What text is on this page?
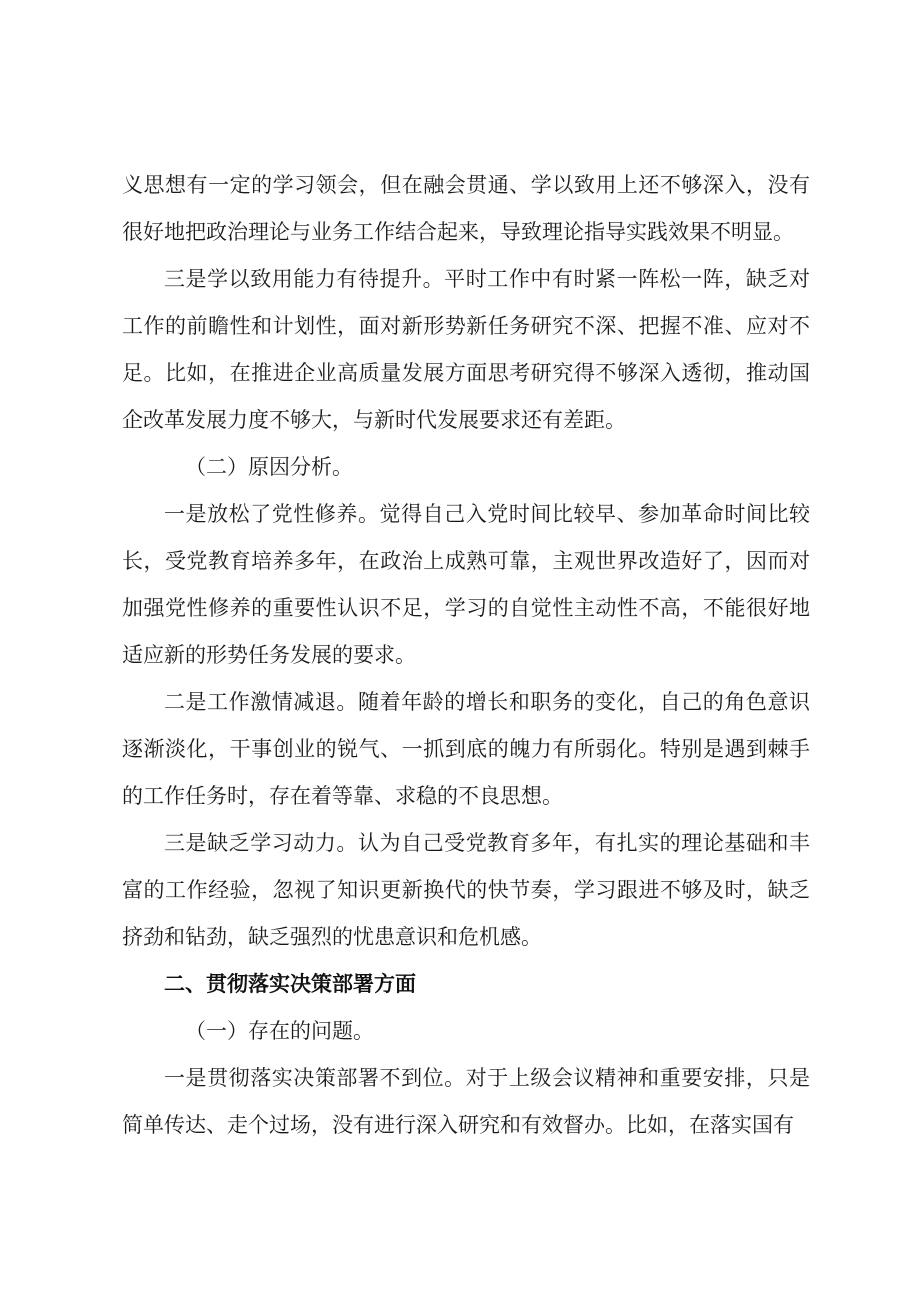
义思想有一定的学习领会，但在融会贯通、学以致用上还不够深入，没有很好地把政治理论与业务工作结合起来，导致理论指导实践效果不明显。

三是学以致用能力有待提升。平时工作中有时紧一阵松一阵，缺乏对工作的前瞻性和计划性，面对新形势新任务研究不深、把握不准、应对不足。比如，在推进企业高质量发展方面思考研究得不够深入透彻，推动国企改革发展力度不够大，与新时代发展要求还有差距。

（二）原因分析。

一是放松了党性修养。觉得自己入党时间比较早、参加革命时间比较长，受党教育培养多年，在政治上成熟可靠，主观世界改造好了，因而对加强党性修养的重要性认识不足，学习的自觉性主动性不高，不能很好地适应新的形势任务发展的要求。

二是工作激情减退。随着年龄的增长和职务的变化，自己的角色意识逐渐淡化，干事创业的锐气、一抓到底的魄力有所弱化。特别是遇到棘手的工作任务时，存在着等靠、求稳的不良思想。

三是缺乏学习动力。认为自己受党教育多年，有扎实的理论基础和丰富的工作经验，忽视了知识更新换代的快节奏，学习跟进不够及时，缺乏挤劲和钻劲，缺乏强烈的忧患意识和危机感。

二、贯彻落实决策部署方面

（一）存在的问题。

一是贯彻落实决策部署不到位。对于上级会议精神和重要安排，只是简单传达、走个过场，没有进行深入研究和有效督办。比如，在落实国有
